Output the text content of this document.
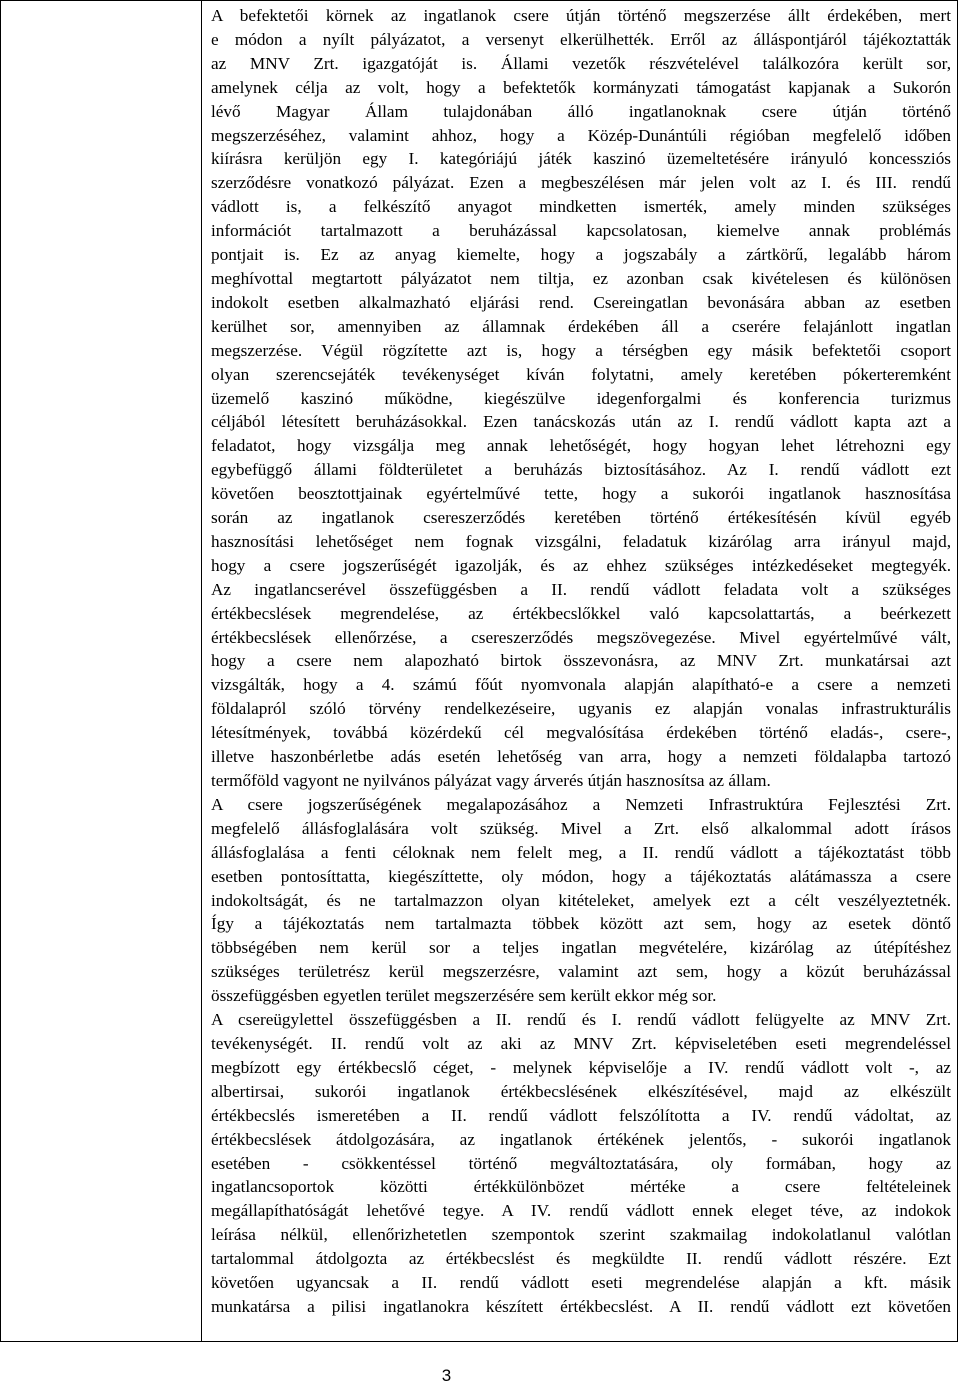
A befektetői körnek az ingatlanok csere útján történő megszerzése állt érdekében, mert
e módon a nyílt pályázatot, a versenyt elkerülhették. Erről az álláspontjáról tájékoztatták
az MNV Zrt. igazgatóját is. Állami vezetők részvételével találkozóra került sor,
amelynek célja az volt, hogy a befektetők kormányzati támogatást kapjanak a Sukorón
lévő Magyar Állam tulajdonában álló ingatlanoknak csere útján történő
megszerzéséhez, valamint ahhoz, hogy a Közép-Dunántúli régióban megfelelő időben
kiírásra kerüljön egy I. kategóriájú játék kaszinó üzemeltetésére irányuló koncessziós
szerződésre vonatkozó pályázat. Ezen a megbeszélésen már jelen volt az I. és III. rendű
vádlott is, a felkészítő anyagot mindketten ismerték, amely minden szükséges
információt tartalmazott a beruházással kapcsolatosan, kiemelve annak problémás
pontjait is. Ez az anyag kiemelte, hogy a jogszabály a zártkörű, legalább három
meghívottal megtartott pályázatot nem tiltja, ez azonban csak kivételesen és különösen
indokolt esetben alkalmazható eljárási rend. Csereingatlan bevonására abban az esetben
kerülhet sor, amennyiben az államnak érdekében áll a cserére felajánlott ingatlan
megszerzése. Végül rögzítette azt is, hogy a térségben egy másik befektetői csoport
olyan szerencsejáték tevékenységet kíván folytatni, amely keretében pókerteremként
üzemelő kaszinó működne, kiegészülve idegenforgalmi és konferencia turizmus
céljából létesített beruházásokkal. Ezen tanácskozás után az I. rendű vádlott kapta azt a
feladatot, hogy vizsgálja meg annak lehetőségét, hogy hogyan lehet létrehozni egy
egybefüggő állami földterületet a beruházás biztosításához. Az I. rendű vádlott ezt
követően beosztottjainak egyértelművé tette, hogy a sukorói ingatlanok hasznosítása
során az ingatlanok csereszerződés keretében történő értékesítésén kívül egyéb
hasznosítási lehetőséget nem fognak vizsgálni, feladatuk kizárólag arra irányul majd,
hogy a csere jogszerűségét igazolják, és az ehhez szükséges intézkedéseket megtegyék.
Az ingatlancserével összefüggésben a II. rendű vádlott feladata volt a szükséges
értékbecslések megrendelése, az értékbecslőkkel való kapcsolattartás, a beérkezett
értékbecslések ellenőrzése, a csereszerződés megszövegezése. Mivel egyértelművé vált,
hogy a csere nem alapozható birtok összevonásra, az MNV Zrt. munkatársai azt
vizsgálták, hogy a 4. számú főút nyomvonala alapján alapítható-e a csere a nemzeti
földalapról szóló törvény rendelkezéseire, ugyanis ez alapján vonalas infrastrukturális
létesítmények, továbbá közérdekű cél megvalósítása érdekében történő eladás-, csere-,
illetve haszonbérletbe adás esetén lehetőség van arra, hogy a nemzeti földalapba tartozó
termőföld vagyont ne nyilvános pályázat vagy árverés útján hasznosítsa az állam.
A csere jogszerűségének megalapozásához a Nemzeti Infrastruktúra Fejlesztési Zrt.
megfelelő állásfoglalására volt szükség. Mivel a Zrt. első alkalommal adott írásos
állásfoglalása a fenti céloknak nem felelt meg, a II. rendű vádlott a tájékoztatást több
esetben pontosíttatta, kiegészíttette, oly módon, hogy a tájékoztatás alátámassza a csere
indokoltságát, és ne tartalmazzon olyan kitételeket, amelyek ezt a célt veszélyeztetnék.
Így a tájékoztatás nem tartalmazta többek között azt sem, hogy az esetek döntő
többségében nem kerül sor a teljes ingatlan megvételére, kizárólag az útépítéshez
szükséges területrész kerül megszerzésre, valamint azt sem, hogy a közút beruházással
összefüggésben egyetlen terület megszerzésére sem került ekkor még sor.
A csereügylettel összefüggésben a II. rendű és I. rendű vádlott felügyelte az MNV Zrt.
tevékenységét. II. rendű volt az aki az MNV Zrt. képviseletében eseti megrendeléssel
megbízott egy értékbecslő céget, - melynek képviselője a IV. rendű vádlott volt -, az
albertirsai, sukorói ingatlanok értékbecslésének elkészítésével, majd az elkészült
értékbecslés ismeretében a II. rendű vádlott felszólította a IV. rendű vádoltat, az
értékbecslések átdolgozására, az ingatlanok értékének jelentős, - sukorói ingatlanok
esetében - csökkentéssel történő megváltoztatására, oly formában, hogy az
ingatlancsoportok közötti értékkülönbözet mértéke a csere feltételeinek
megállapíthatóságát lehetővé tegye. A IV. rendű vádlott ennek eleget téve, az indokok
leírása nélkül, ellenőrizhetetlen szempontok szerint szakmailag indokolatlanul valótlan
tartalommal átdolgozta az értékbecslést és megküldte II. rendű vádlott részére. Ezt
követően ugyancsak a II. rendű vádlott eseti megrendelése alapján a kft. másik
munkatársa a pilisi ingatlanokra készített értékbecslést. A II. rendű vádlott ezt követően
3
